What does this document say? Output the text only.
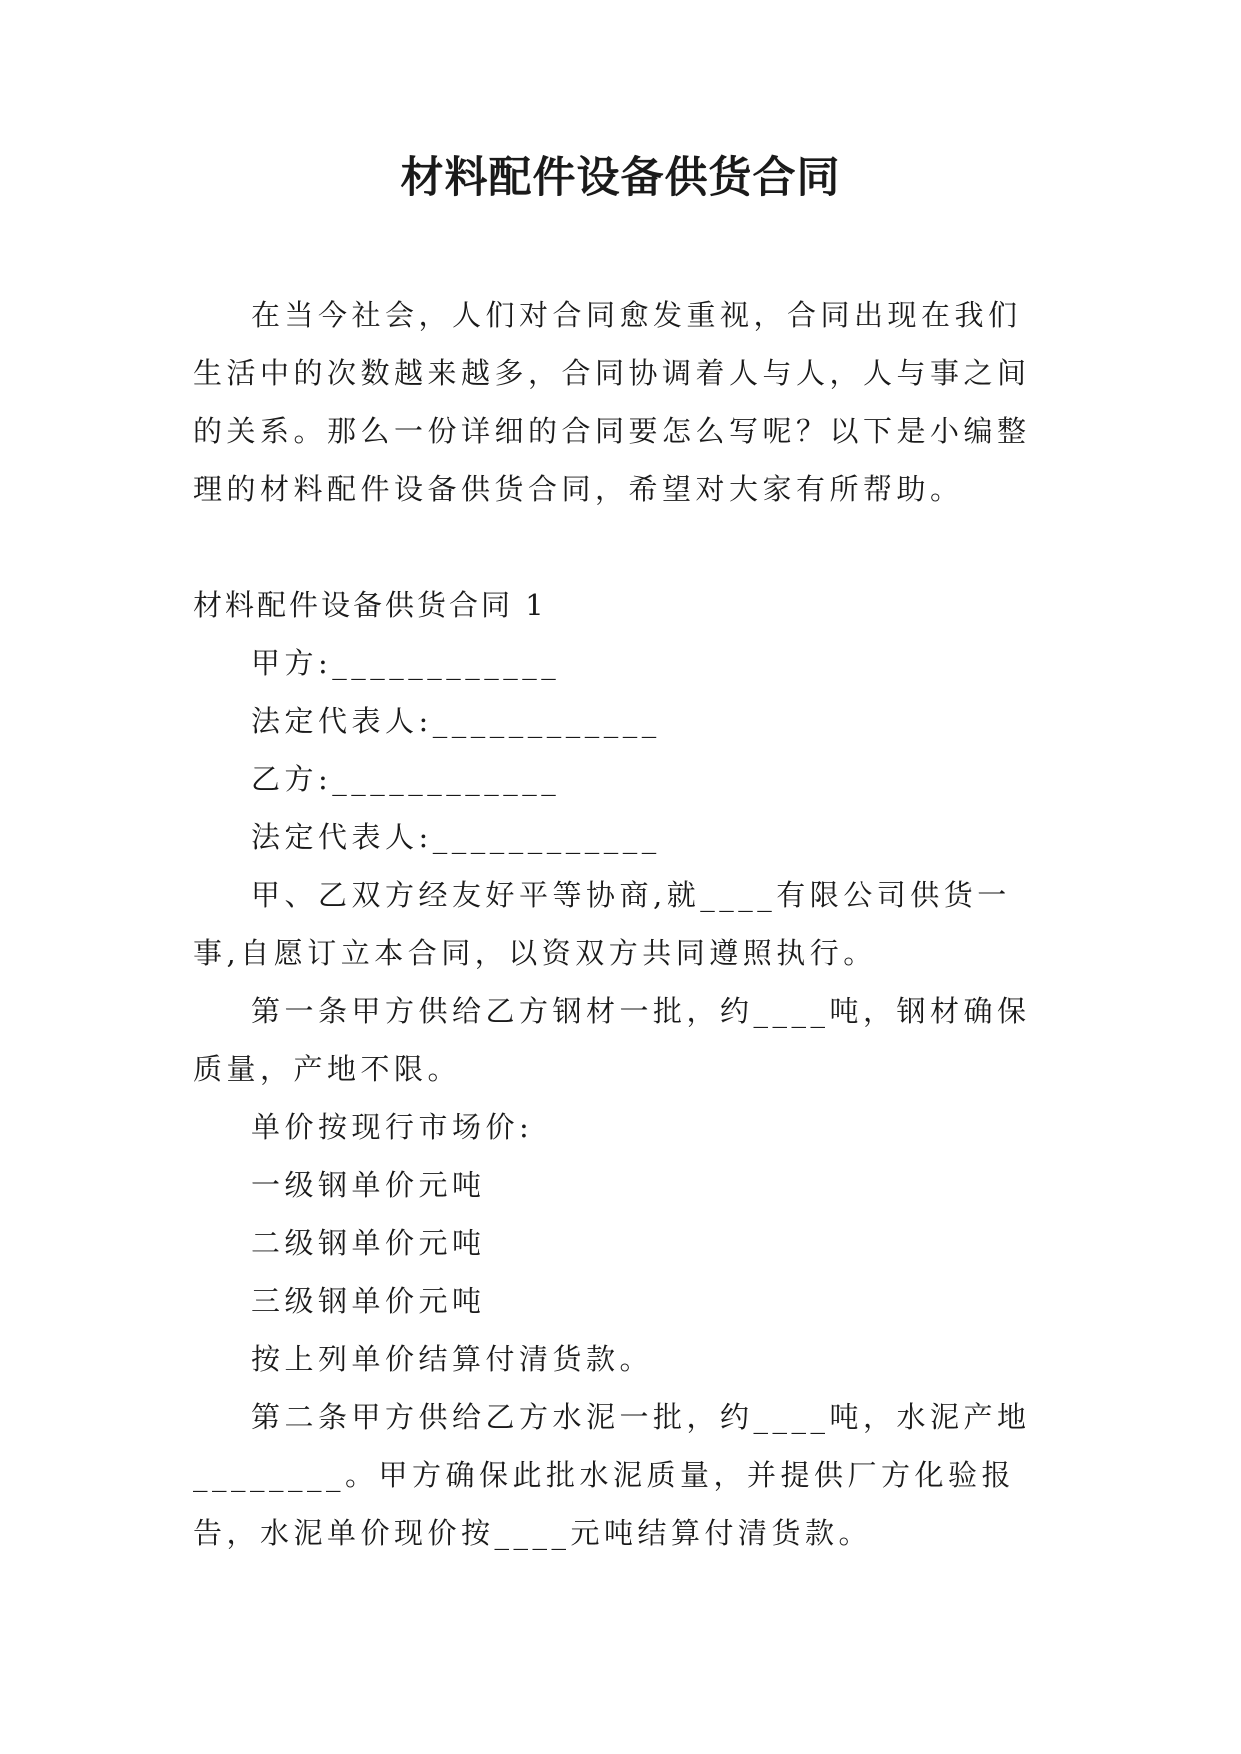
材料配件设备供货合同

在当今社会，人们对合同愈发重视，合同出现在我们生活中的次数越来越多，合同协调着人与人，人与事之间的关系。那么一份详细的合同要怎么写呢？以下是小编整理的材料配件设备供货合同，希望对大家有所帮助。

材料配件设备供货合同 1

甲方:____________

法定代表人:____________

乙方:____________

法定代表人:____________

甲、乙双方经友好平等协商,就____有限公司供货一事,自愿订立本合同，以资双方共同遵照执行。

第一条甲方供给乙方钢材一批，约____吨，钢材确保质量，产地不限。

单价按现行市场价:

一级钢单价元吨

二级钢单价元吨

三级钢单价元吨

按上列单价结算付清货款。

第二条甲方供给乙方水泥一批，约____吨，水泥产地________。甲方确保此批水泥质量，并提供厂方化验报告，水泥单价现价按____元吨结算付清货款。
